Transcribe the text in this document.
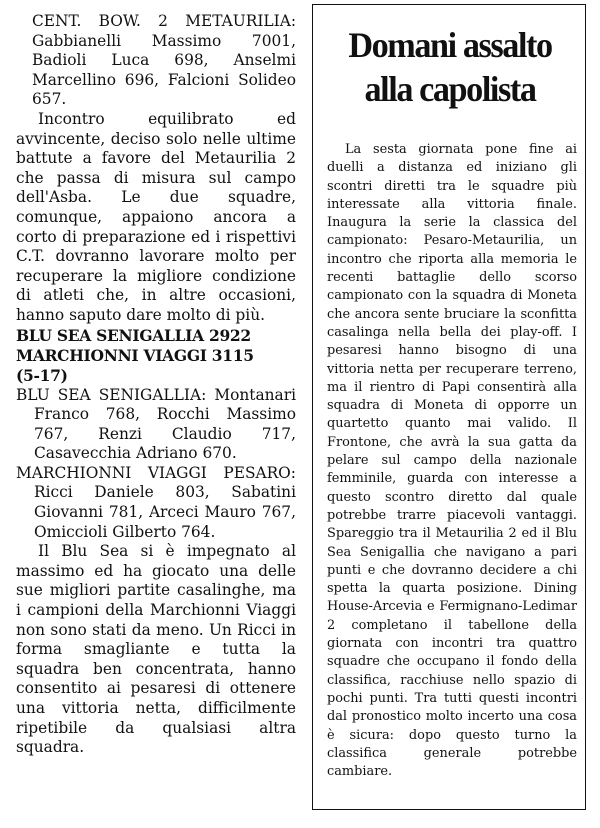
CENT. BOW. 2 METAURILIA: Gabbianelli Massimo 7001, Badioli Luca 698, Anselmi Marcellino 696, Falcioni Solideo 657.

Incontro equilibrato ed avvincente, deciso solo nelle ultime battute a favore del Metaurilia 2 che passa di misura sul campo dell'Asba. Le due squadre, comunque, appaiono ancora a corto di preparazione ed i rispettivi C.T. dovranno lavorare molto per recuperare la migliore condizione di atleti che, in altre occasioni, hanno saputo dare molto di più.

BLU SEA SENIGALLIA 2922

MARCHIONNI VIAGGI 3115

(5-17)

BLU SEA SENIGALLIA: Montanari Franco 768, Rocchi Massimo 767, Renzi Claudio 717, Casavecchia Adriano 670.

MARCHIONNI VIAGGI PESARO: Ricci Daniele 803, Sabatini Giovanni 781, Arceci Mauro 767, Omiccioli Gilberto 764.

Il Blu Sea si è impegnato al massimo ed ha giocato una delle sue migliori partite casalinghe, ma i campioni della Marchionni Viaggi non sono stati da meno. Un Ricci in forma smagliante e tutta la squadra ben concentrata, hanno consentito ai pesaresi di ottenere una vittoria netta, difficilmente ripetibile da qualsiasi altra squadra.

Domani assalto
alla capolista

La sesta giornata pone fine ai duelli a distanza ed iniziano gli scontri diretti tra le squadre più interessate alla vittoria finale. Inaugura la serie la classica del campionato: Pesaro-Metaurilia, un incontro che riporta alla memoria le recenti battaglie dello scorso campionato con la squadra di Moneta che ancora sente bruciare la sconfitta casalinga nella bella dei play-off. I pesaresi hanno bisogno di una vittoria netta per recuperare terreno, ma il rientro di Papi consentirà alla squadra di Moneta di opporre un quartetto quanto mai valido. Il Frontone, che avrà la sua gatta da pelare sul campo della nazionale femminile, guarda con interesse a questo scontro diretto dal quale potrebbe trarre piacevoli vantaggi. Spareggio tra il Metaurilia 2 ed il Blu Sea Senigallia che navigano a pari punti e che dovranno decidere a chi spetta la quarta posizione. Dining House-Arcevia e Fermignano-Ledimar 2 completano il tabellone della giornata con incontri tra quattro squadre che occupano il fondo della classifica, racchiuse nello spazio di pochi punti. Tra tutti questi incontri dal pronostico molto incerto una cosa è sicura: dopo questo turno la classifica generale potrebbe cambiare.
